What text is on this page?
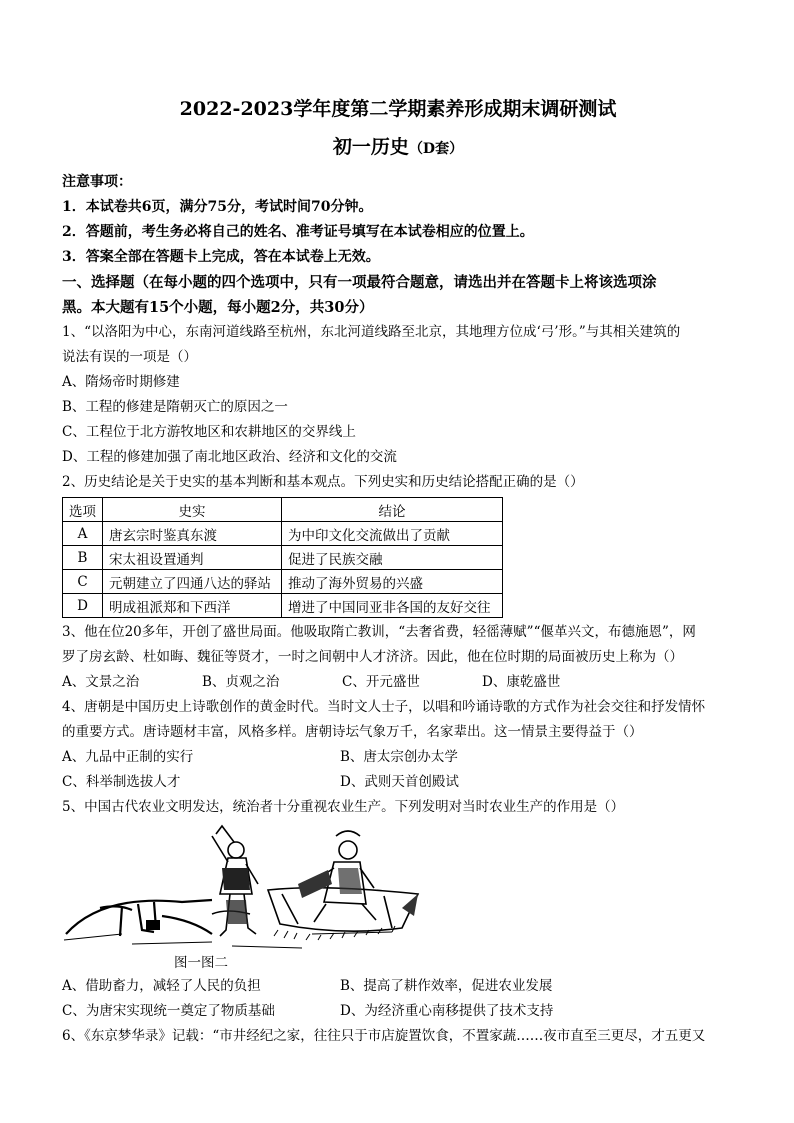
2022-2023学年度第二学期素养形成期末调研测试
初一历史（D套）
注意事项：
1．本试卷共6页，满分75分，考试时间70分钟。
2．答题前，考生务必将自己的姓名、准考证号填写在本试卷相应的位置上。
3．答案全部在答题卡上完成，答在本试卷上无效。
一、选择题（在每小题的四个选项中，只有一项最符合题意，请选出并在答题卡上将该选项涂
黑。本大题有15个小题，每小题2分，共30分）
1、“以洛阳为中心，东南河道线路至杭州，东北河道线路至北京，其地理方位成‘弓’形。”与其相关建筑的
说法有误的一项是（）
A、隋炀帝时期修建
B、工程的修建是隋朝灭亡的原因之一
C、工程位于北方游牧地区和农耕地区的交界线上
D、工程的修建加强了南北地区政治、经济和文化的交流
2、历史结论是关于史实的基本判断和基本观点。下列史实和历史结论搭配正确的是（）
选项	史实	结论
A	唐玄宗时鉴真东渡	为中印文化交流做出了贡献
B	宋太祖设置通判	促进了民族交融
C	元朝建立了四通八达的驿站	推动了海外贸易的兴盛
D	明成祖派郑和下西洋	增进了中国同亚非各国的友好交往
3、他在位20多年，开创了盛世局面。他吸取隋亡教训，“去奢省费，轻徭薄赋”“偃革兴文，布德施恩”，网
罗了房玄龄、杜如晦、魏征等贤才，一时之间朝中人才济济。因此，他在位时期的局面被历史上称为（）
A、文景之治	B、贞观之治	C、开元盛世	D、康乾盛世
4、唐朝是中国历史上诗歌创作的黄金时代。当时文人士子，以唱和吟诵诗歌的方式作为社会交往和抒发情怀
的重要方式。唐诗题材丰富，风格多样。唐朝诗坛气象万千，名家辈出。这一情景主要得益于（）
A、九品中正制的实行	B、唐太宗创办太学
C、科举制选拔人才	D、武则天首创殿试
5、中国古代农业文明发达，统治者十分重视农业生产。下列发明对当时农业生产的作用是（）
图一图二
A、借助畜力，减轻了人民的负担	B、提高了耕作效率，促进农业发展
C、为唐宋实现统一奠定了物质基础	D、为经济重心南移提供了技术支持
6、《东京梦华录》记载：“市井经纪之家，往往只于市店旋置饮食，不置家蔬……夜市直至三更尽，才五更又
